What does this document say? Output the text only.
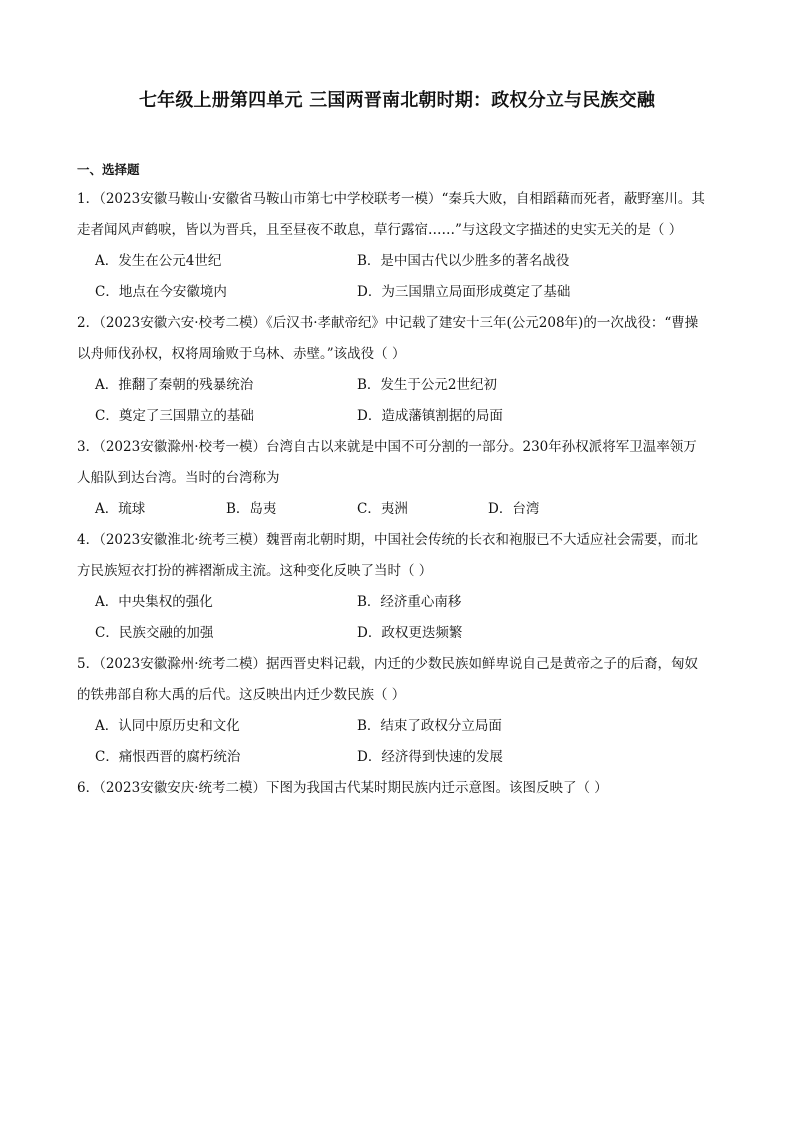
七年级上册第四单元 三国两晋南北朝时期：政权分立与民族交融
一、选择题
1．（2023安徽马鞍山·安徽省马鞍山市第七中学校联考一模）“秦兵大败，自相蹈藉而死者，蔽野塞川。其
走者闻风声鹤唳，皆以为晋兵，且至昼夜不敢息，草行露宿……”与这段文字描述的史实无关的是（ ）
A．发生在公元4世纪	B．是中国古代以少胜多的著名战役
C．地点在今安徽境内	D．为三国鼎立局面形成奠定了基础
2．（2023安徽六安·校考二模）《后汉书·孝献帝纪》中记载了建安十三年(公元208年)的一次战役：“曹操
以舟师伐孙权，权将周瑜败于乌林、赤壁。”该战役（ ）
A．推翻了秦朝的残暴统治	B．发生于公元2世纪初
C．奠定了三国鼎立的基础	D．造成藩镇割据的局面
3．（2023安徽滁州·校考一模）台湾自古以来就是中国不可分割的一部分。230年孙权派将军卫温率领万
人船队到达台湾。当时的台湾称为
A．琉球	B．岛夷	C．夷洲	D．台湾
4．（2023安徽淮北·统考三模）魏晋南北朝时期，中国社会传统的长衣和袍服已不大适应社会需要，而北
方民族短衣打扮的裤褶渐成主流。这种变化反映了当时（ ）
A．中央集权的强化	B．经济重心南移
C．民族交融的加强	D．政权更迭频繁
5．（2023安徽滁州·统考二模）据西晋史料记载，内迁的少数民族如鲜卑说自己是黄帝之子的后裔，匈奴
的铁弗部自称大禹的后代。这反映出内迁少数民族（ ）
A．认同中原历史和文化	B．结束了政权分立局面
C．痛恨西晋的腐朽统治	D．经济得到快速的发展
6．（2023安徽安庆·统考二模）下图为我国古代某时期民族内迁示意图。该图反映了（ ）
